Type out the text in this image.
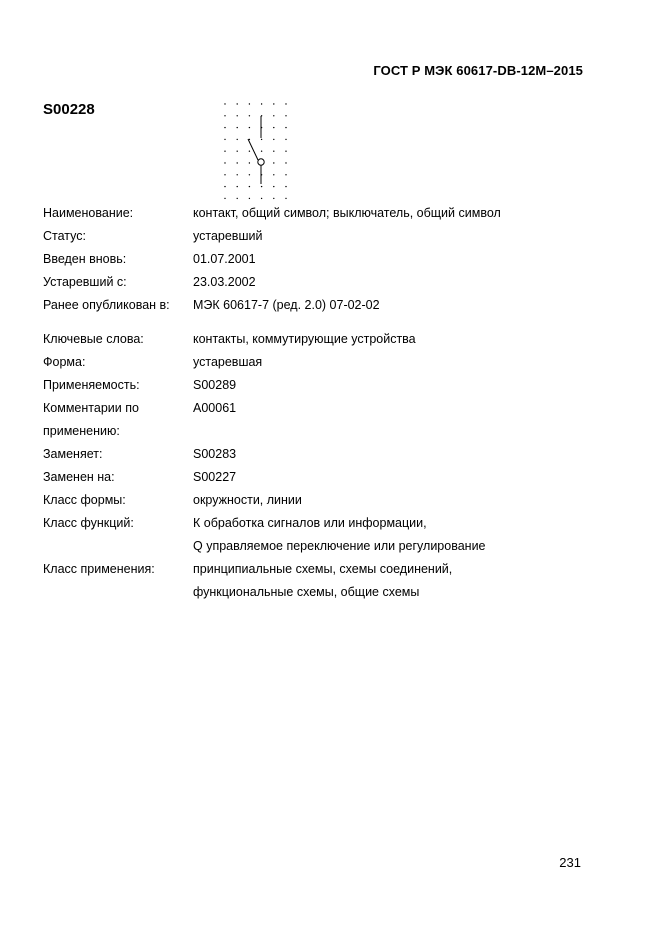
ГОСТ Р МЭК 60617-DB-12M–2015
S00228
Наименование:	контакт, общий символ; выключатель, общий символ
Статус:	устаревший
Введен вновь:	01.07.2001
Устаревший с:	23.03.2002
Ранее опубликован в: МЭК 60617-7 (ред. 2.0) 07-02-02
Ключевые слова:	контакты, коммутирующие устройства
Форма:	устаревшая
Применяемость:	S00289
Комментарии по	A00061
применению:
Заменяет:	S00283
Заменен на:	S00227
Класс формы:	окружности, линии
Класс функций:	К обработка сигналов или информации,
Q управляемое переключение или регулирование
Класс применения:	принципиальные схемы, схемы соединений,
функциональные схемы, общие схемы
231
